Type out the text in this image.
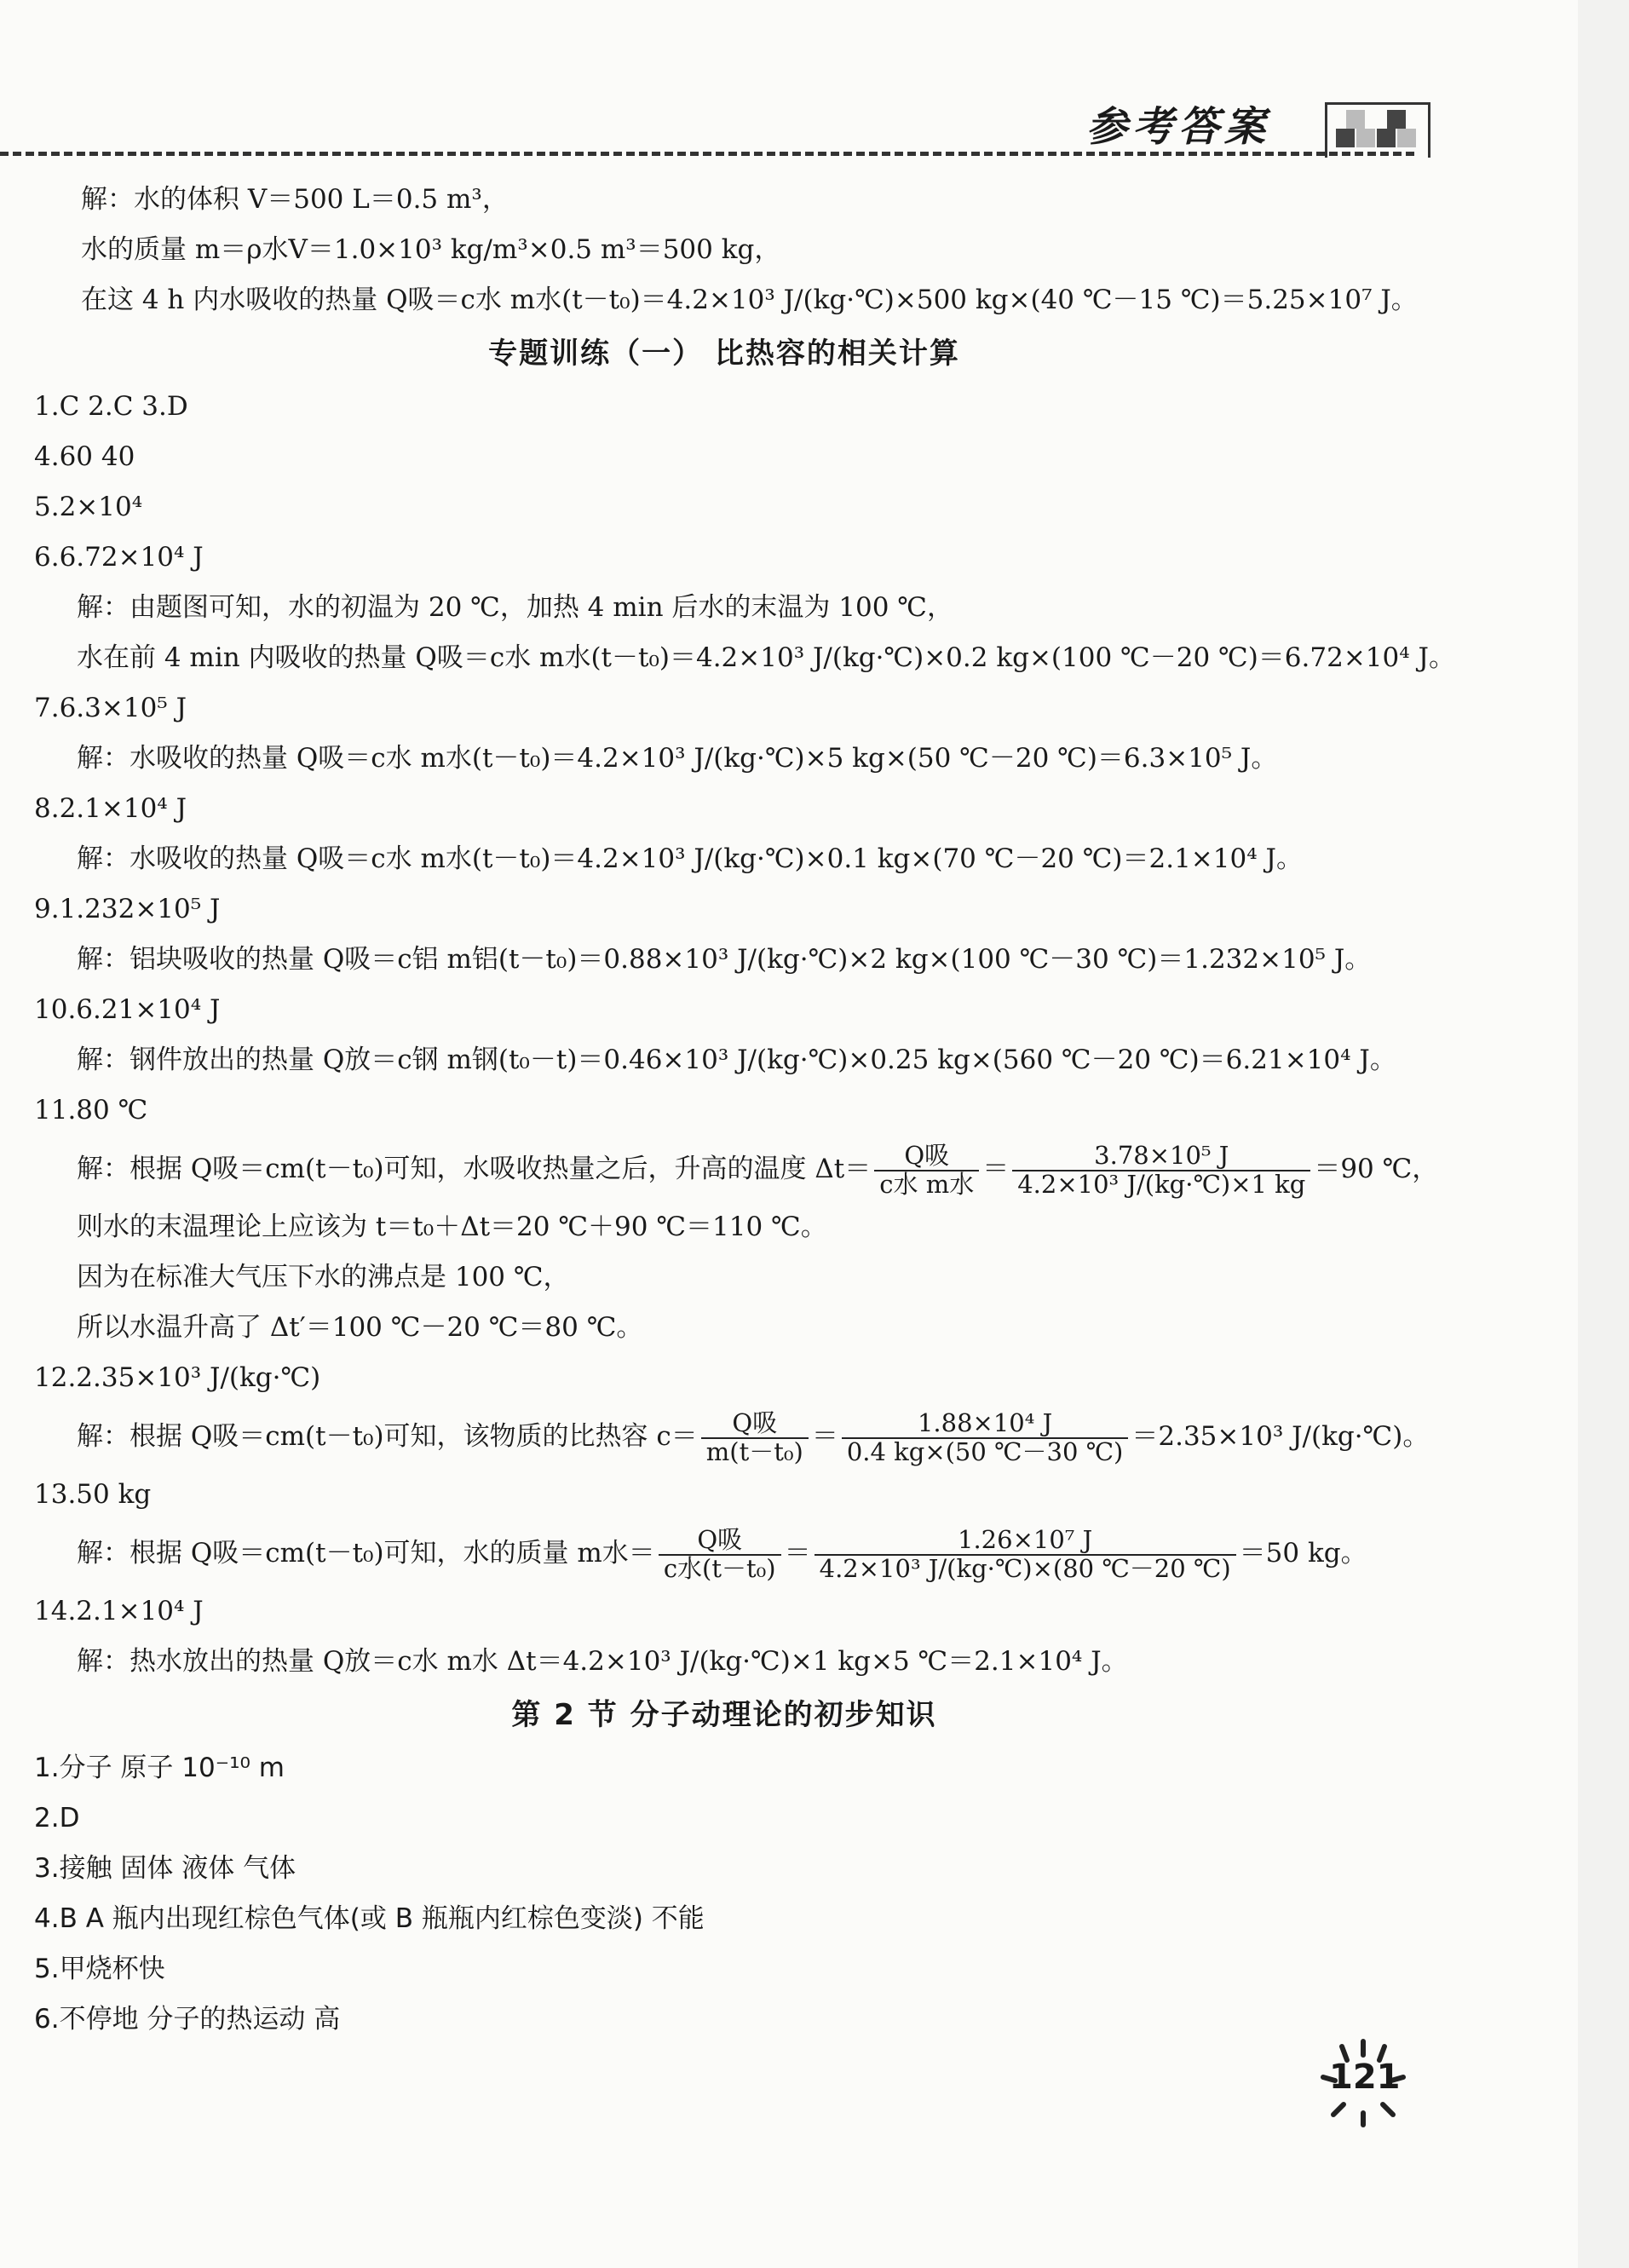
参考答案
解：水的体积 V＝500 L＝0.5 m³，
水的质量 m＝ρ水V＝1.0×10³ kg/m³×0.5 m³＝500 kg，
在这 4 h 内水吸收的热量 Q吸＝c水 m水(t－t₀)＝4.2×10³ J/(kg·℃)×500 kg×(40 ℃－15 ℃)＝5.25×10⁷ J。
专题训练（一） 比热容的相关计算
1.C 2.C 3.D
4.60 40
5.2×10⁴
6.6.72×10⁴ J
解：由题图可知，水的初温为 20 ℃，加热 4 min 后水的末温为 100 ℃，
水在前 4 min 内吸收的热量 Q吸＝c水 m水(t－t₀)＝4.2×10³ J/(kg·℃)×0.2 kg×(100 ℃－20 ℃)＝6.72×10⁴ J。
7.6.3×10⁵ J
解：水吸收的热量 Q吸＝c水 m水(t－t₀)＝4.2×10³ J/(kg·℃)×5 kg×(50 ℃－20 ℃)＝6.3×10⁵ J。
8.2.1×10⁴ J
解：水吸收的热量 Q吸＝c水 m水(t－t₀)＝4.2×10³ J/(kg·℃)×0.1 kg×(70 ℃－20 ℃)＝2.1×10⁴ J。
9.1.232×10⁵ J
解：铝块吸收的热量 Q吸＝c铝 m铝(t－t₀)＝0.88×10³ J/(kg·℃)×2 kg×(100 ℃－30 ℃)＝1.232×10⁵ J。
10.6.21×10⁴ J
解：钢件放出的热量 Q放＝c钢 m钢(t₀－t)＝0.46×10³ J/(kg·℃)×0.25 kg×(560 ℃－20 ℃)＝6.21×10⁴ J。
11.80 ℃
解：根据 Q吸＝cm(t－t₀)可知，水吸收热量之后，升高的温度 $\Delta t= \frac{\text{Q吸}}{\text{c水 m水}} = \frac{\text{3.78×10⁵ J}}{\text{4.2×10³ J/(kg·℃)×1 kg}} =90$ ℃，
则水的末温理论上应该为 t＝t₀＋Δt＝20 ℃＋90 ℃＝110 ℃。
因为在标准大气压下水的沸点是 100 ℃，
所以水温升高了 Δt′＝100 ℃－20 ℃＝80 ℃。
12.2.35×10³ J/(kg·℃)
解：根据 Q吸＝cm(t－t₀)可知，该物质的比热容 $c= \frac{\text{Q吸}}{\text{m(t－t₀)}} = \frac{\text{1.88×10⁴ J}}{0.4 kg\times(50 ℃-30 ℃)} =2.35\times 10^3$ J/(kg·℃)。
13.50 kg
解：根据 Q吸＝cm(t－t₀)可知，水的质量 m水＝ $\frac{\text{Q吸}}{\text{c水(t－t₀)}} = \frac{\text{1.26×10⁷ J}}{\text{4.2×10³ J/(kg·℃)×(80 ℃－20 ℃)}} =50$ kg。
14.2.1×10⁴ J
解：热水放出的热量 Q放＝c水 m水 Δt＝4.2×10³ J/(kg·℃)×1 kg×5 ℃＝2.1×10⁴ J。
第 2 节 分子动理论的初步知识
1.分子 原子 10⁻¹⁰ m
2.D
3.接触 固体 液体 气体
4.B A 瓶内出现红棕色气体(或 B 瓶瓶内红棕色变淡) 不能
5.甲烧杯快
6.不停地 分子的热运动 高
121
